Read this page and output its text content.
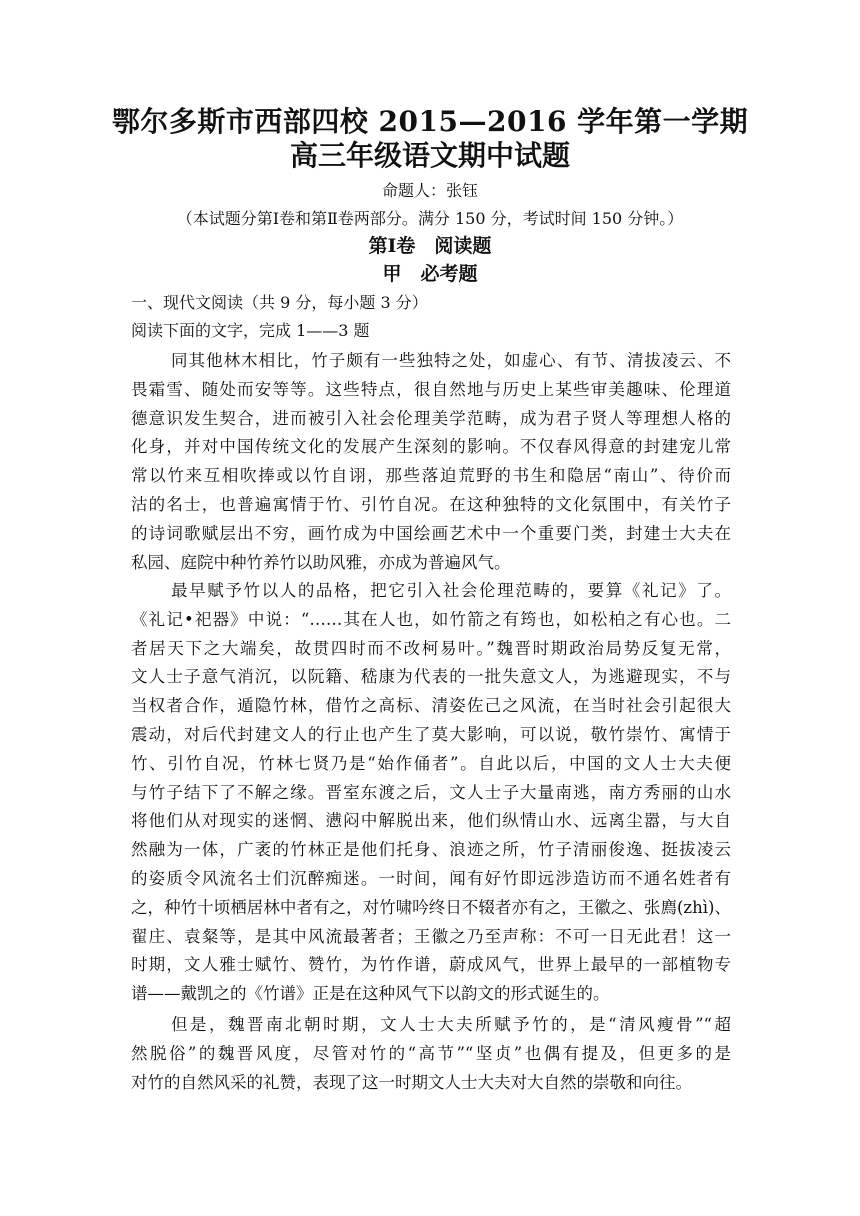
鄂尔多斯市西部四校 2015—2016 学年第一学期
高三年级语文期中试题
命题人：张钰
（本试题分第Ⅰ卷和第Ⅱ卷两部分。满分 150 分，考试时间 150 分钟。）
第Ⅰ卷　阅读题
甲　必考题
一、现代文阅读（共 9 分，每小题 3 分）
阅读下面的文字，完成 1——3 题
同其他林木相比，竹子颇有一些独特之处，如虚心、有节、清拔凌云、不
畏霜雪、随处而安等等。这些特点，很自然地与历史上某些审美趣味、伦理道
德意识发生契合，进而被引入社会伦理美学范畴，成为君子贤人等理想人格的
化身，并对中国传统文化的发展产生深刻的影响。不仅春风得意的封建宠儿常
常以竹来互相吹捧或以竹自诩，那些落迫荒野的书生和隐居“南山”、待价而
沽的名士，也普遍寓情于竹、引竹自况。在这种独特的文化氛围中，有关竹子
的诗词歌赋层出不穷，画竹成为中国绘画艺术中一个重要门类，封建士大夫在
私园、庭院中种竹养竹以助风雅，亦成为普遍风气。
最早赋予竹以人的品格，把它引入社会伦理范畴的，要算《礼记》了。
《礼记•祀器》中说：“……其在人也，如竹箭之有筠也，如松柏之有心也。二
者居天下之大端矣，故贯四时而不改柯易叶。”魏晋时期政治局势反复无常，
文人士子意气消沉，以阮籍、嵇康为代表的一批失意文人，为逃避现实，不与
当权者合作，遁隐竹林，借竹之高标、清姿佐己之风流，在当时社会引起很大
震动，对后代封建文人的行止也产生了莫大影响，可以说，敬竹崇竹、寓情于
竹、引竹自况，竹林七贤乃是“始作俑者”。自此以后，中国的文人士大夫便
与竹子结下了不解之缘。晋室东渡之后，文人士子大量南逃，南方秀丽的山水
将他们从对现实的迷惘、懑闷中解脱出来，他们纵情山水、远离尘嚣，与大自
然融为一体，广袤的竹林正是他们托身、浪迹之所，竹子清丽俊逸、挺拔凌云
的姿质令风流名士们沉醉痴迷。一时间，闻有好竹即远涉造访而不通名姓者有
之，种竹十顷栖居林中者有之，对竹啸吟终日不辍者亦有之，王徽之、张廌(zhì)、
翟庄、袁粲等，是其中风流最著者；王徽之乃至声称：不可一日无此君！这一
时期，文人雅士赋竹、赞竹，为竹作谱，蔚成风气，世界上最早的一部植物专
谱——戴凯之的《竹谱》正是在这种风气下以韵文的形式诞生的。
但是，魏晋南北朝时期，文人士大夫所赋予竹的，是“清风瘦骨”“超
然脱俗”的魏晋风度，尽管对竹的“高节”“坚贞”也偶有提及，但更多的是
对竹的自然风采的礼赞，表现了这一时期文人士大夫对大自然的崇敬和向往。
